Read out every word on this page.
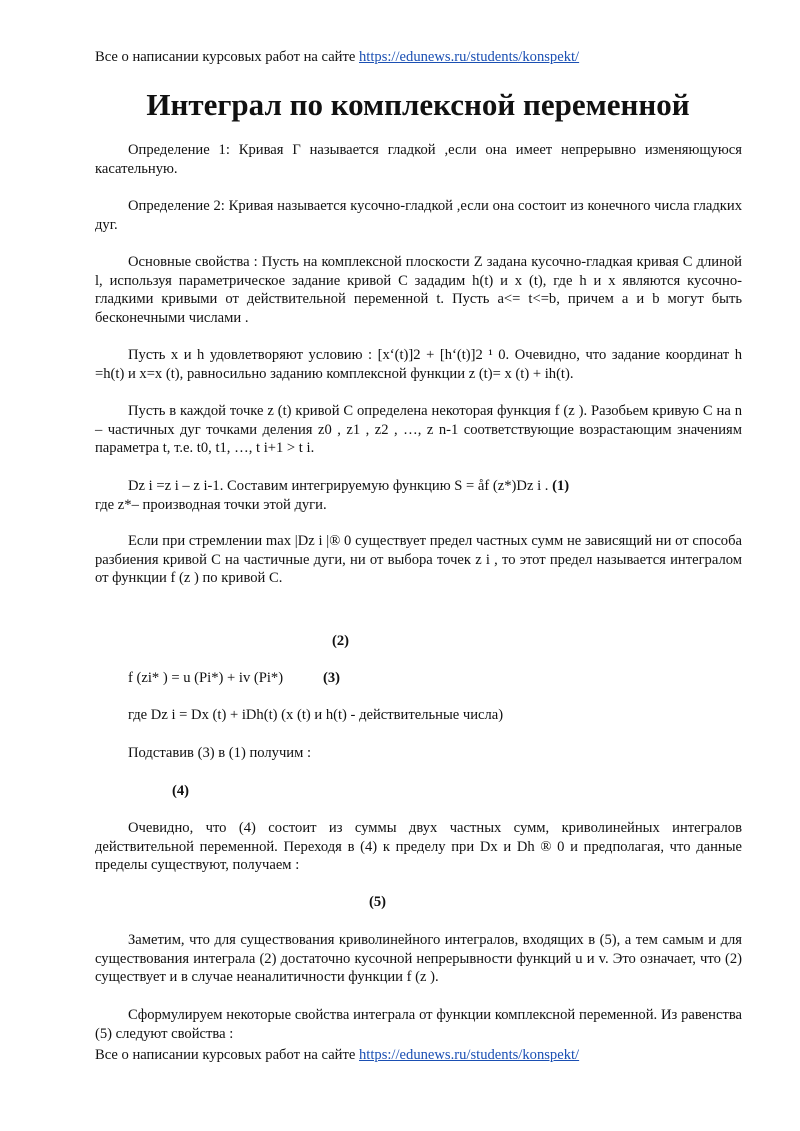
Все о написании курсовых работ на сайте https://edunews.ru/students/konspekt/
Интеграл по комплексной переменной

Определение 1: Кривая Г называется гладкой ,если она имеет непрерывно изменяющуюся касательную.

Определение 2: Кривая называется кусочно-гладкой ,если она состоит из конечного числа гладких дуг.

Основные свойства : Пусть на комплексной плоскости Z задана кусочно-гладкая кривая С длиной l, используя параметрическое задание кривой С зададим h(t) и x (t), где h и x являются кусочно-гладкими кривыми от действительной переменной t. Пусть a<= t<=b, причем a и b могут быть бесконечными числами .

Пусть x и h удовлетворяют условию : [x‘(t)]2 + [h‘(t)]2 ¹ 0. Очевидно, что задание координат h =h(t) и x=x (t), равносильно заданию комплексной функции z (t)= x (t) + ih(t).

Пусть в каждой точке z (t) кривой С определена некоторая функция f (z ). Разобьем кривую С на n – частичных дуг точками деления z0 , z1 , z2 , …, z n-1 соответствующие возрастающим значениям параметра t, т.е. t0, t1, …, t i+1 > t i.

Dz i =z i – z i-1. Составим интегрируемую функцию S = åf (z*)Dz i . (1)

где z*– производная точки этой дуги.

Если при стремлении max |Dz i |® 0 существует предел частных сумм не зависящий ни от способа разбиения кривой С на частичные дуги, ни от выбора точек z i , то этот предел называется интегралом от функции f (z ) по кривой С.

(2)
f (zi* ) = u (Pi*) + iv (Pi*)	(3)
где Dz i = Dx (t) + iDh(t) (x (t) и h(t) - действительные числа)
Подставив (3) в (1) получим :
(4)

Очевидно, что (4) состоит из суммы двух частных сумм, криволинейных интегралов действительной переменной. Переходя в (4) к пределу при Dx и Dh ® 0 и предполагая, что данные пределы существуют, получаем :

(5)

Заметим, что для существования криволинейного интегралов, входящих в (5), а тем самым и для существования интеграла (2) достаточно кусочной непрерывности функций u и v. Это означает, что (2) существует и в случае неаналитичности функции f (z ).

Сформулируем некоторые свойства интеграла от функции комплексной переменной. Из равенства (5) следуют свойства :

Все о написании курсовых работ на сайте https://edunews.ru/students/konspekt/
